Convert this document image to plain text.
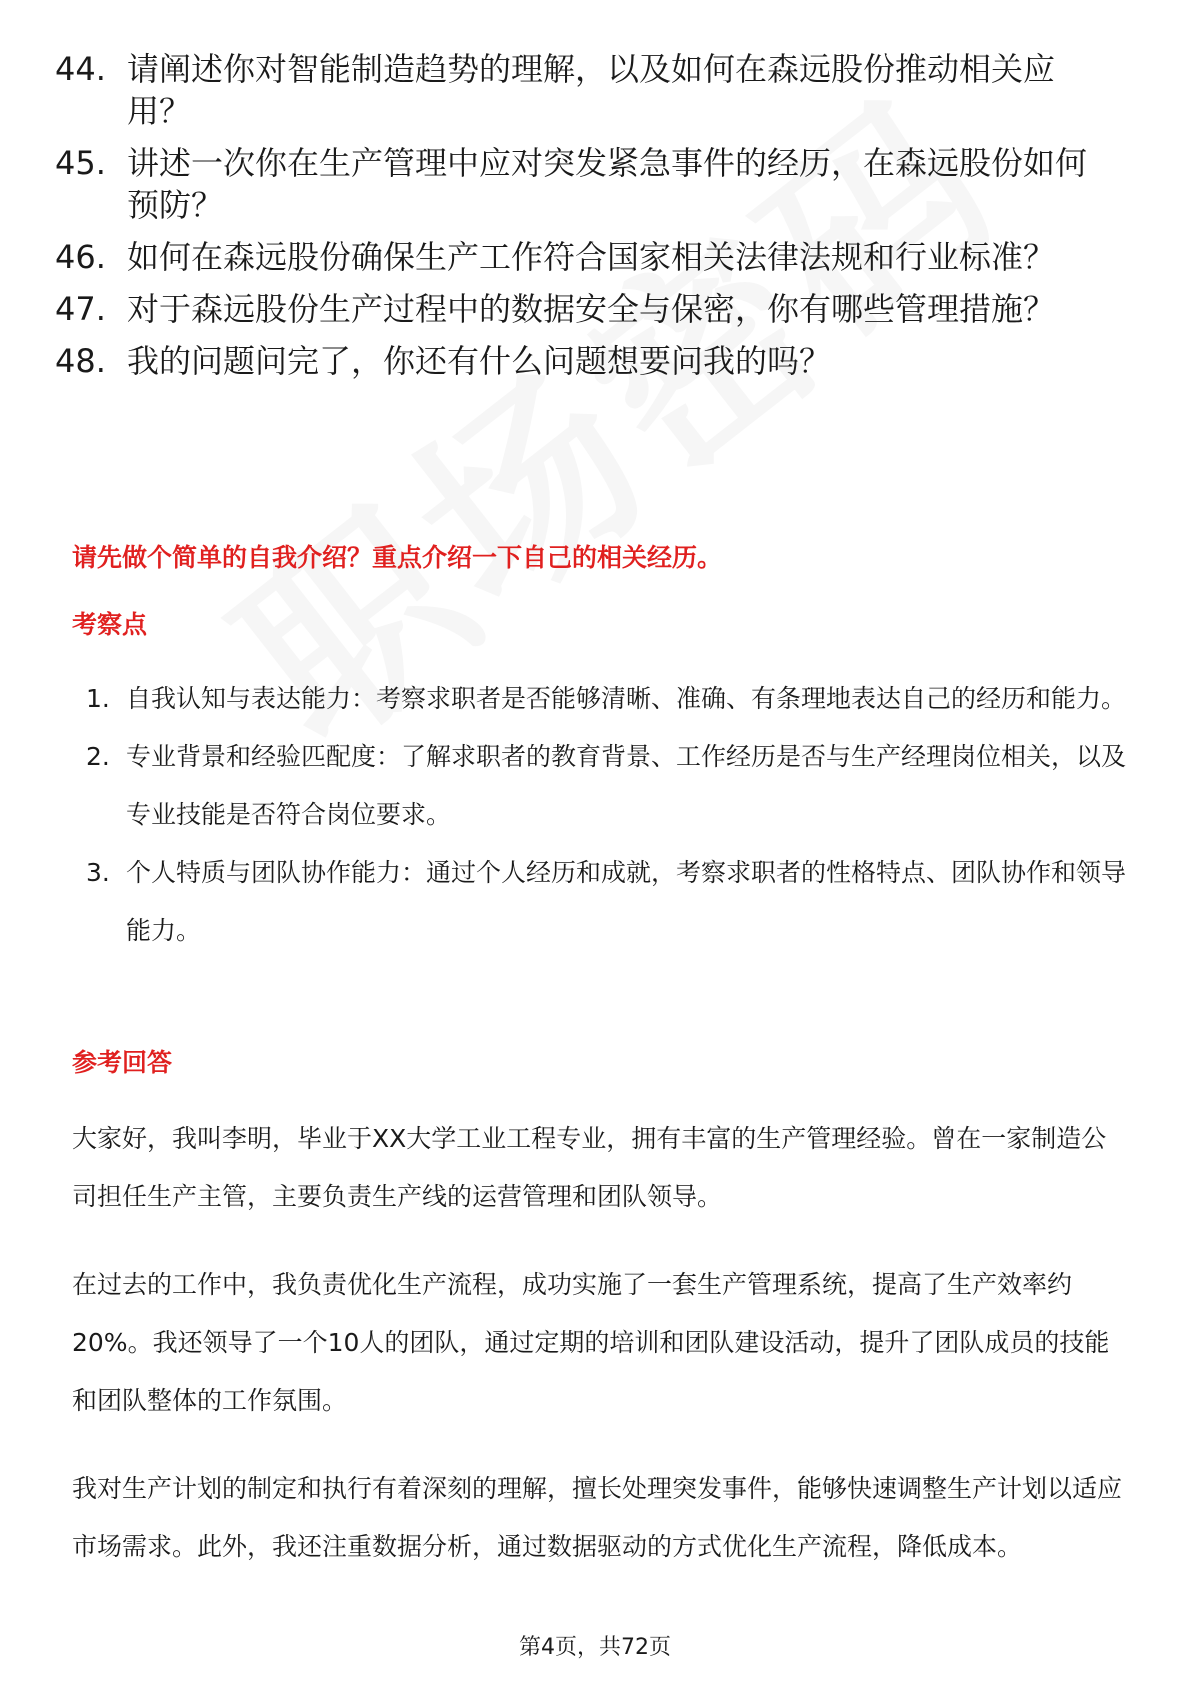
44. 请阐述你对智能制造趋势的理解，以及如何在森远股份推动相关应用？
45. 讲述一次你在生产管理中应对突发紧急事件的经历，在森远股份如何预防？
46. 如何在森远股份确保生产工作符合国家相关法律法规和行业标准？
47. 对于森远股份生产过程中的数据安全与保密，你有哪些管理措施？
48. 我的问题问完了，你还有什么问题想要问我的吗？
请先做个简单的自我介绍？重点介绍一下自己的相关经历。
考察点
1. 自我认知与表达能力：考察求职者是否能够清晰、准确、有条理地表达自己的经历和能力。
2. 专业背景和经验匹配度：了解求职者的教育背景、工作经历是否与生产经理岗位相关，以及专业技能是否符合岗位要求。
3. 个人特质与团队协作能力：通过个人经历和成就，考察求职者的性格特点、团队协作和领导能力。
参考回答
大家好，我叫李明，毕业于XX大学工业工程专业，拥有丰富的生产管理经验。曾在一家制造公司担任生产主管，主要负责生产线的运营管理和团队领导。
在过去的工作中，我负责优化生产流程，成功实施了一套生产管理系统，提高了生产效率约20%。我还领导了一个10人的团队，通过定期的培训和团队建设活动，提升了团队成员的技能和团队整体的工作氛围。
我对生产计划的制定和执行有着深刻的理解，擅长处理突发事件，能够快速调整生产计划以适应市场需求。此外，我还注重数据分析，通过数据驱动的方式优化生产流程，降低成本。
第4页，共72页
